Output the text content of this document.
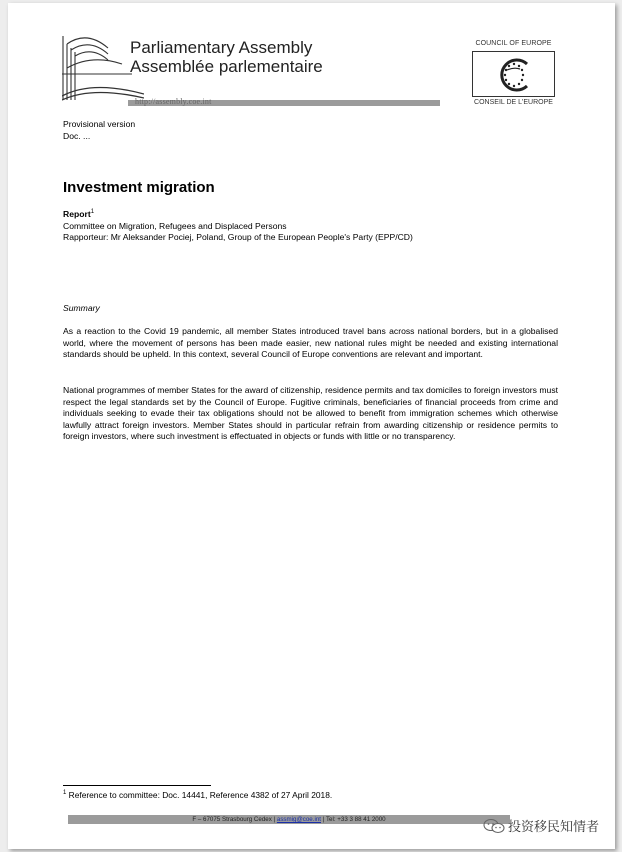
Parliamentary Assembly
Assemblée parlementaire
http://assembly.coe.int
COUNCIL OF EUROPE
CONSEIL DE L'EUROPE
Provisional version
Doc. ...
Investment migration
Report$^1$
Committee on Migration, Refugees and Displaced Persons
Rapporteur: Mr Aleksander Pociej, Poland, Group of the European People's Party (EPP/CD)
Summary

As a reaction to the Covid 19 pandemic, all member States introduced travel bans across national borders, but in a globalised world, where the movement of persons has been made easier, new national rules might be needed and existing international standards should be upheld. In this context, several Council of Europe conventions are relevant and important.

National programmes of member States for the award of citizenship, residence permits and tax domiciles to foreign investors must respect the legal standards set by the Council of Europe. Fugitive criminals, beneficiaries of financial proceeds from crime and individuals seeking to evade their tax obligations should not be allowed to benefit from immigration schemes which otherwise lawfully attract foreign investors. Member States should in particular refrain from awarding citizenship or residence permits to foreign investors, where such investment is effectuated in objects or funds with little or no transparency.

$^1$ Reference to committee: Doc. 14441, Reference 4382 of 27 April 2018.
F – 67075 Strasbourg Cedex | assmig@coe.int | Tel: +33 3 88 41 2000	投资移民知情者
